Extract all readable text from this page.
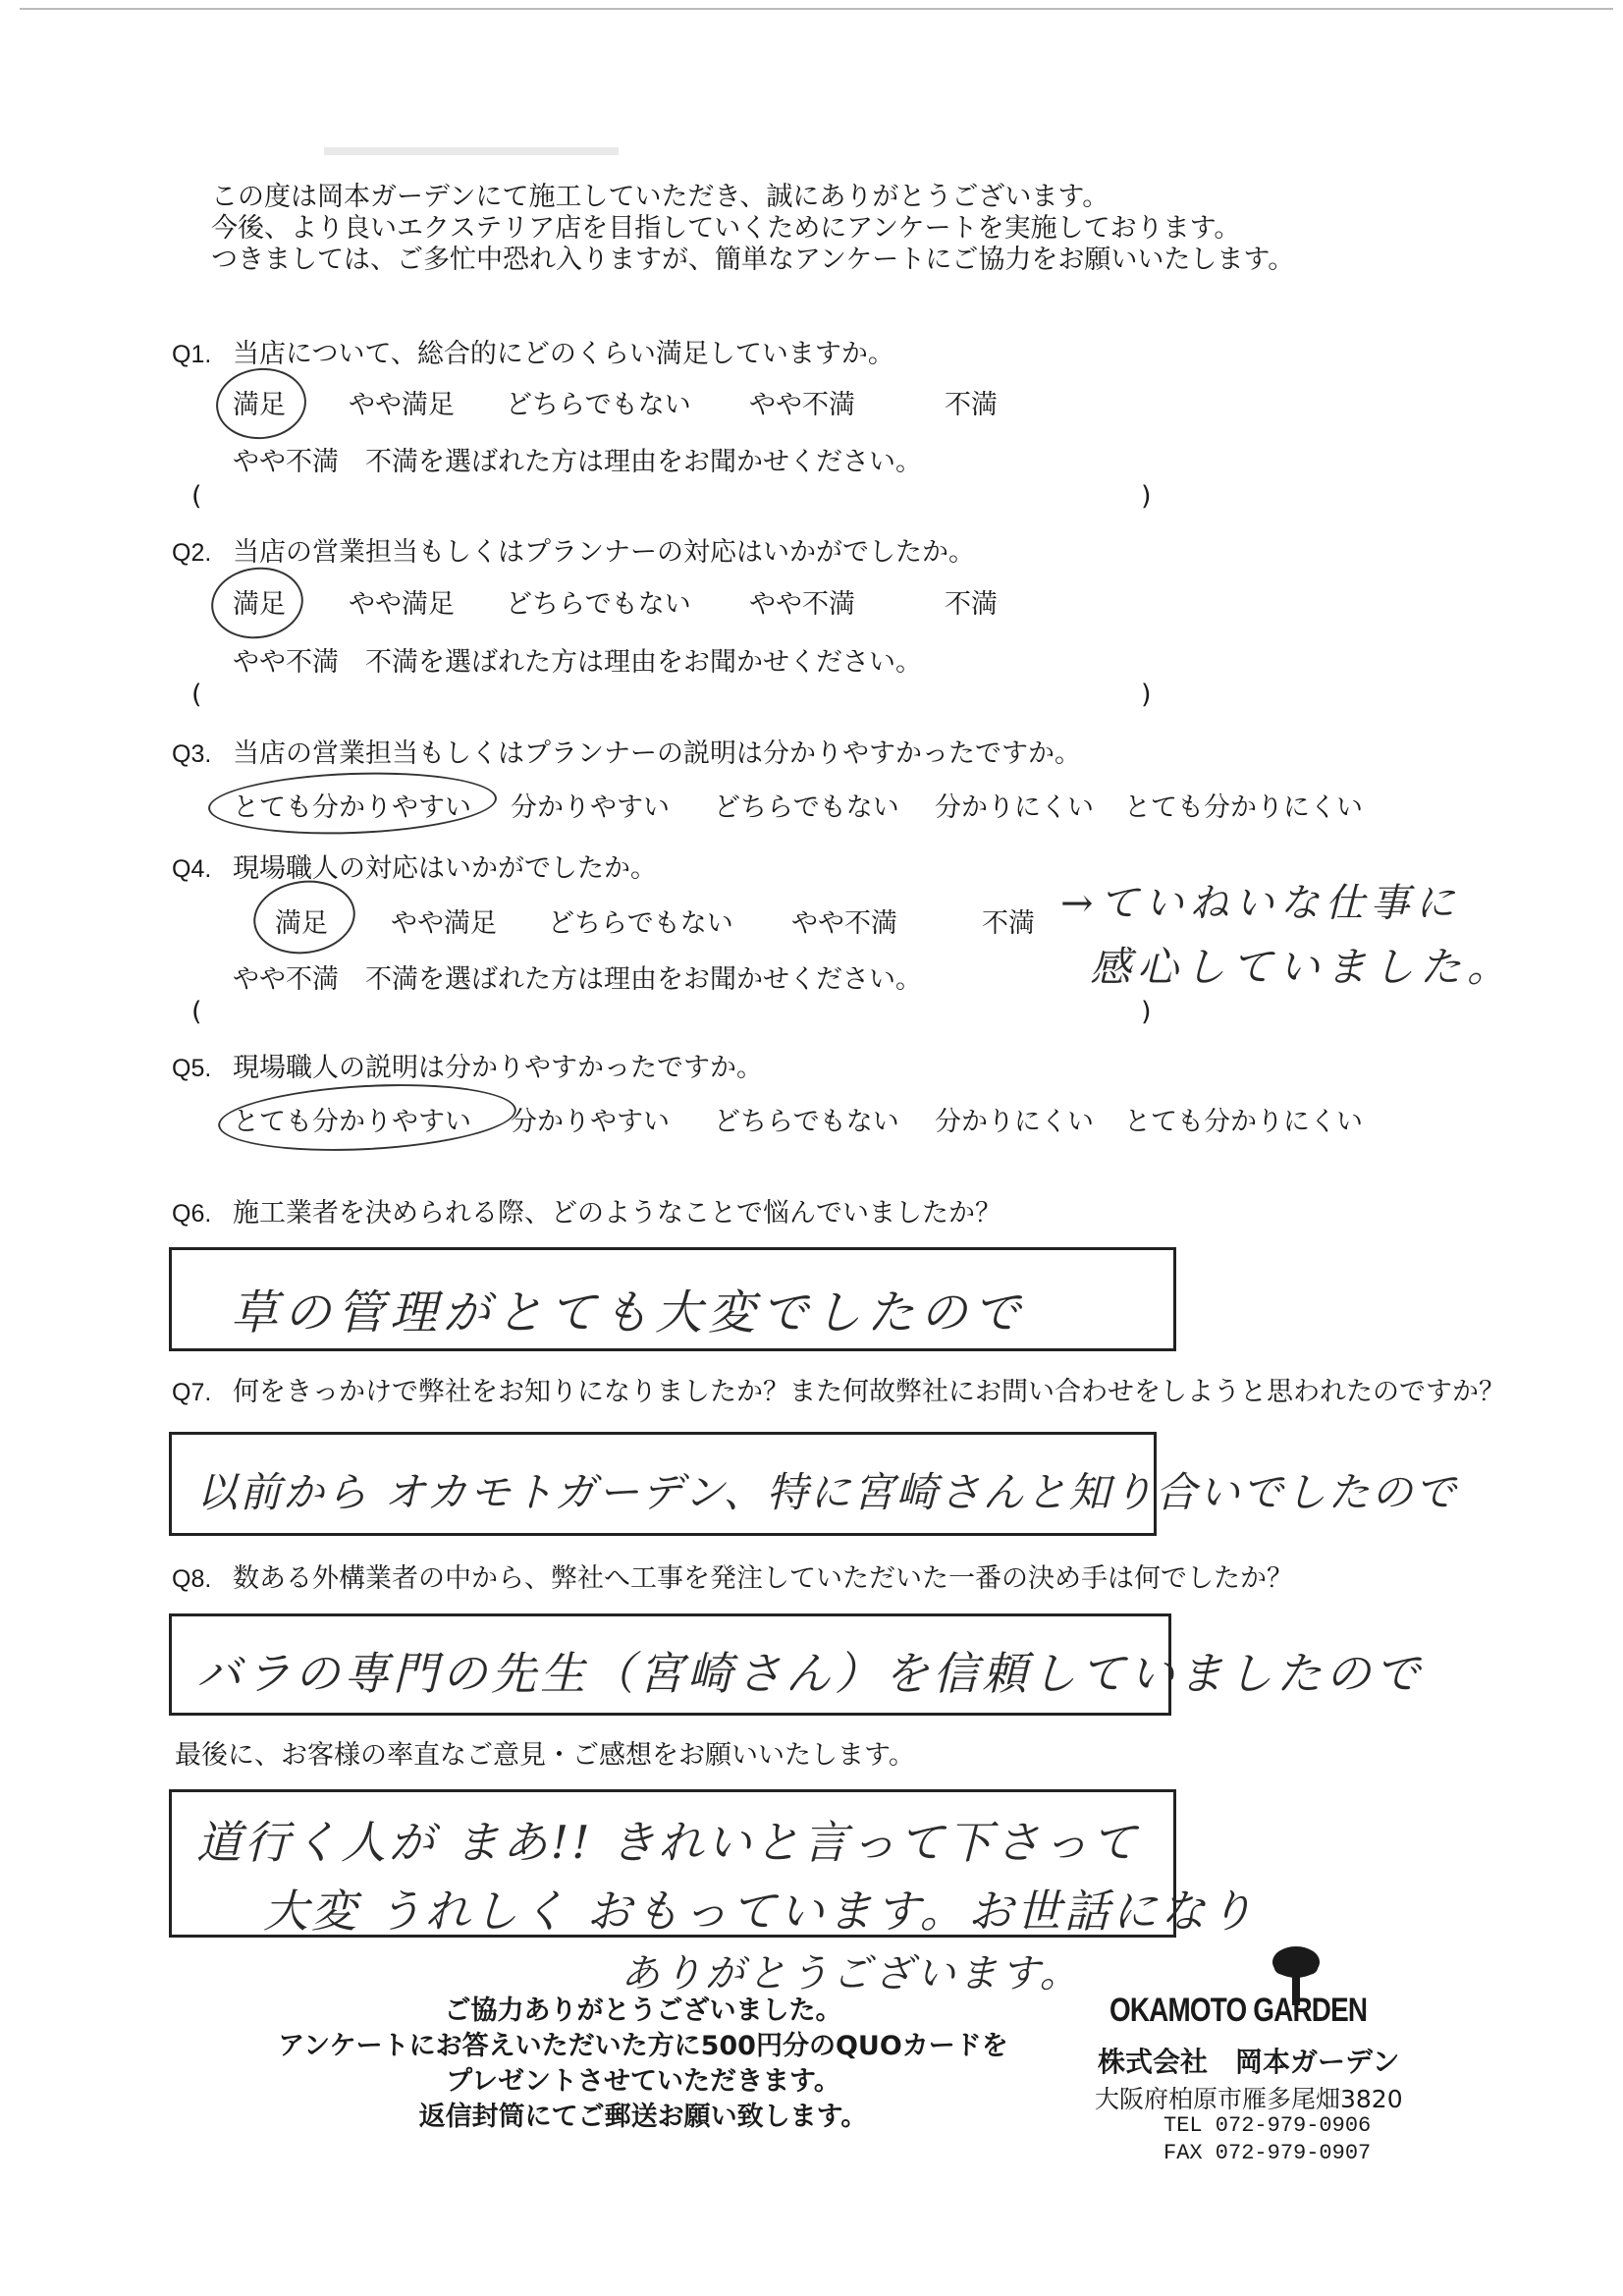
この度は岡本ガーデンにて施工していただき、誠にありがとうございます。

今後、より良いエクステリア店を目指していくためにアンケートを実施しております。

つきましては、ご多忙中恐れ入りますが、簡単なアンケートにご協力をお願いいたします。

Q1. 当店について、総合的にどのくらい満足していますか。
満足 やや満足 どちらでもない やや不満	不満
やや不満　不満を選ばれた方は理由をお聞かせください。
(	)
Q2. 当店の営業担当もしくはプランナーの対応はいかがでしたか。
満足 やや満足 どちらでもない やや不満	不満
やや不満　不満を選ばれた方は理由をお聞かせください。
(	)
Q3. 当店の営業担当もしくはプランナーの説明は分かりやすかったですか。
とても分かりやすい 分かりやすい どちらでもない 分かりにくい とても分かりにくい
Q4. 現場職人の対応はいかがでしたか。
満足 やや満足 どちらでもない やや不満	不満 →ていねいな仕事に
感心していました。
やや不満　不満を選ばれた方は理由をお聞かせください。
(	)
Q5. 現場職人の説明は分かりやすかったですか。
とても分かりやすい 分かりやすい どちらでもない 分かりにくい とても分かりにくい
Q6. 施工業者を決められる際、どのようなことで悩んでいましたか？
草の管理がとても大変でしたので
Q7. 何をきっかけで弊社をお知りになりましたか？また何故弊社にお問い合わせをしようと思われたのですか？
以前から オカモトガーデン、特に宮崎さんと知り合いでしたので
Q8. 数ある外構業者の中から、弊社へ工事を発注していただいた一番の決め手は何でしたか？
バラの専門の先生（宮崎さん）を信頼していましたので
最後に、お客様の率直なご意見・ご感想をお願いいたします。
道行く人が まあ!! きれいと言って下さって
大変 うれしく おもっています。お世話になり
ありがとうございます。

ご協力ありがとうございました。

アンケートにお答えいただいた方に500円分のQUOカードを

プレゼントさせていただきます。

返信封筒にてご郵送お願い致します。

OKAMOTO GARDEN
株式会社　岡本ガーデン
大阪府柏原市雁多尾畑3820
TEL 072-979-0906
FAX 072-979-0907
